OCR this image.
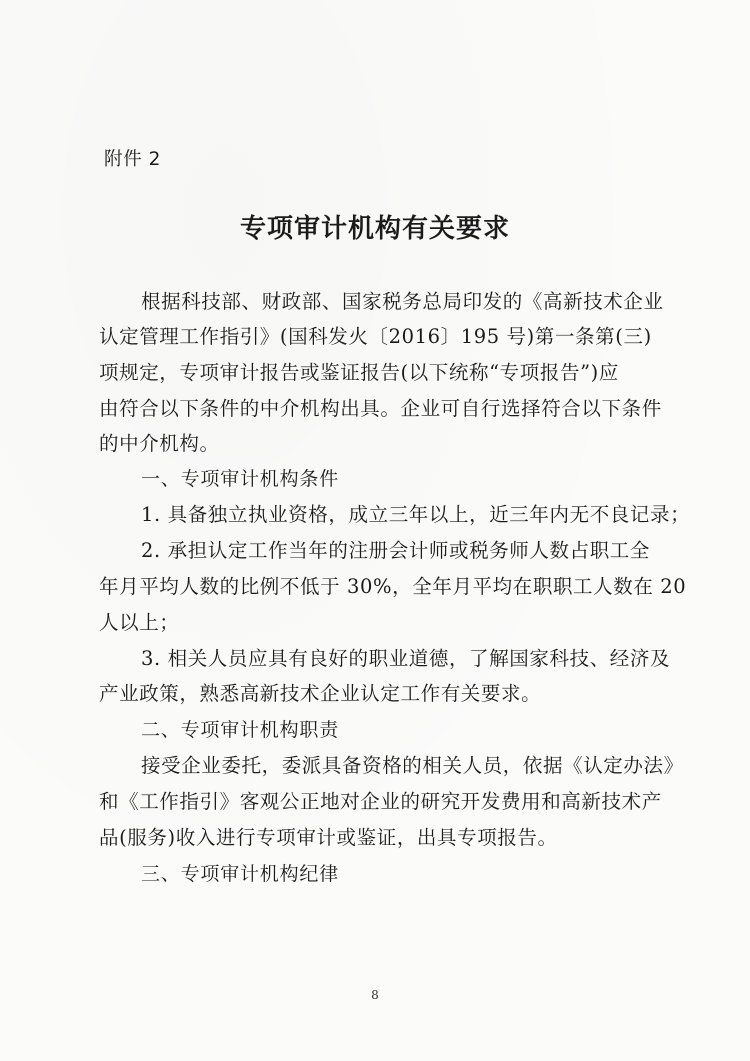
附件 2
专项审计机构有关要求
根据科技部、财政部、国家税务总局印发的《高新技术企业
认定管理工作指引》(国科发火〔2016〕195 号)第一条第(三)
项规定，专项审计报告或鉴证报告(以下统称“专项报告”)应
由符合以下条件的中介机构出具。企业可自行选择符合以下条件
的中介机构。
一、专项审计机构条件
1. 具备独立执业资格，成立三年以上，近三年内无不良记录；
2. 承担认定工作当年的注册会计师或税务师人数占职工全
年月平均人数的比例不低于 30%，全年月平均在职职工人数在 20
人以上；
3. 相关人员应具有良好的职业道德，了解国家科技、经济及
产业政策，熟悉高新技术企业认定工作有关要求。
二、专项审计机构职责
接受企业委托，委派具备资格的相关人员，依据《认定办法》
和《工作指引》客观公正地对企业的研究开发费用和高新技术产
品(服务)收入进行专项审计或鉴证，出具专项报告。
三、专项审计机构纪律
8
